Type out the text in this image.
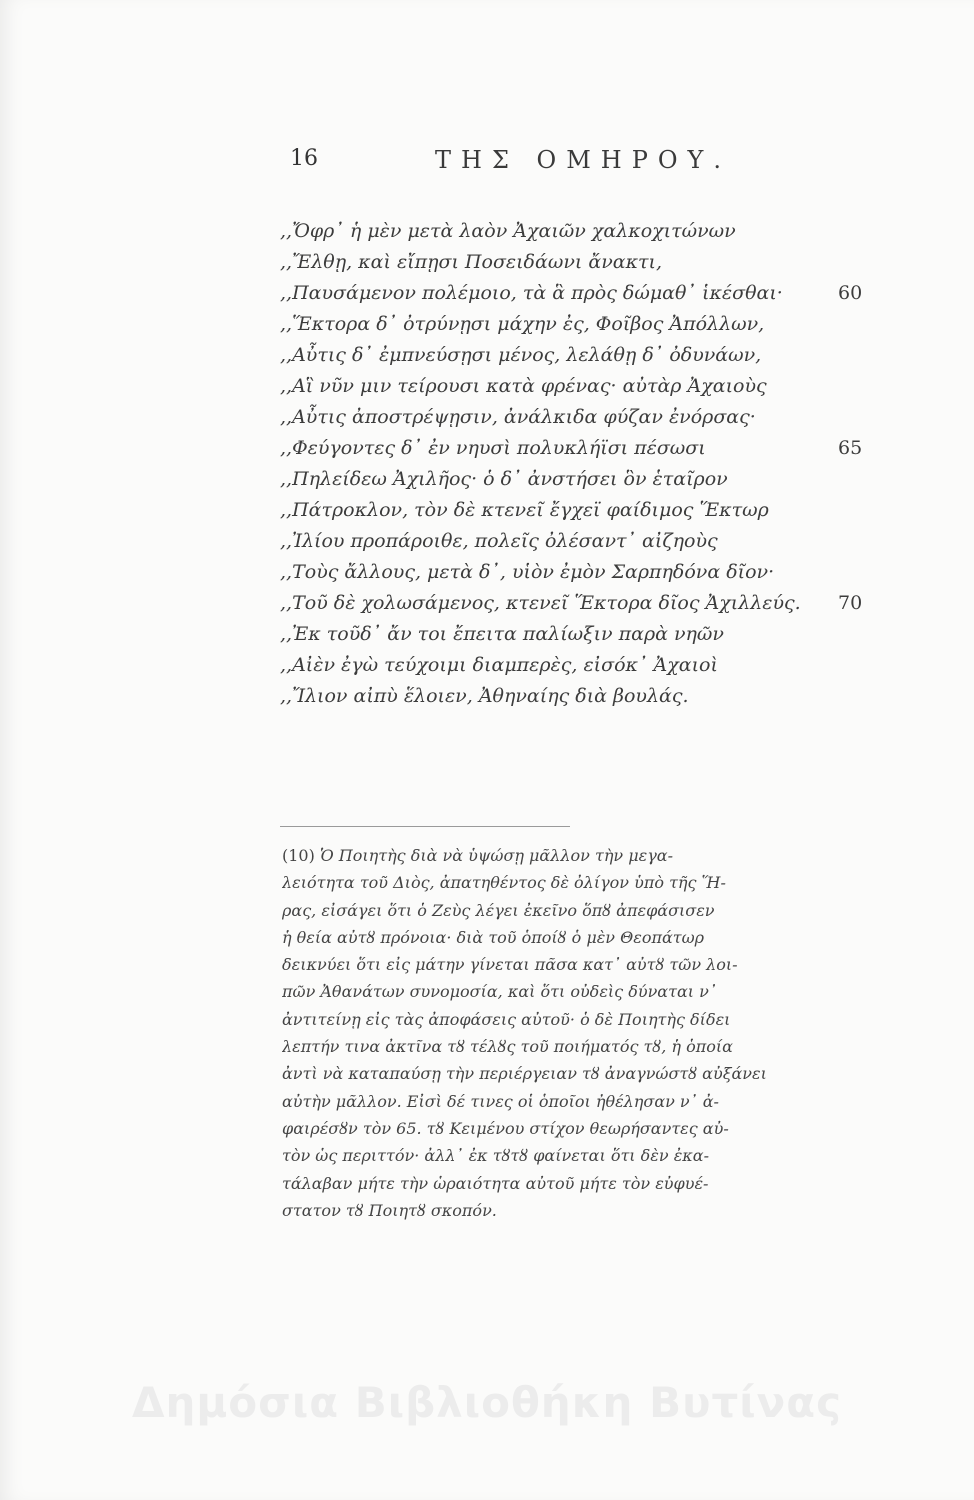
16	ΤΗΣ ΟΜΗΡΟΥ.
,,Ὄφρ᾽ ἡ μὲν μετὰ λαὸν Ἀχαιῶν χαλκοχιτώνων
,,Ἔλθῃ, καὶ εἴπῃσι Ποσειδάωνι ἄνακτι,
,,Παυσάμενον πολέμοιο, τὰ ἃ πρὸς δώμαθ᾽ ἱκέσθαι·
,,Ἕκτορα δ᾽ ὀτρύνῃσι μάχην ἐς, Φοῖβος Ἀπόλλων,
,,Αὖτις δ᾽ ἐμπνεύσῃσι μένος, λελάθῃ δ᾽ ὀδυνάων,
,,Αἳ νῦν μιν τείρουσι κατὰ φρένας· αὐτὰρ Ἀχαιοὺς
,,Αὖτις ἀποστρέψῃσιν, ἀνάλκιδα φύζαν ἐνόρσας·
,,Φεύγοντες δ᾽ ἐν νηυσὶ πολυκλήϊσι πέσωσι
,,Πηλείδεω Ἀχιλῆος· ὁ δ᾽ ἀνστήσει ὃν ἑταῖρον
,,Πάτροκλον, τὸν δὲ κτενεῖ ἔγχεϊ φαίδιμος Ἕκτωρ
,,Ἰλίου προπάροιθε, πολεῖς ὀλέσαντ᾽ αἰζηοὺς
,,Τοὺς ἄλλους, μετὰ δ᾽, υἱὸν ἐμὸν Σαρπηδόνα δῖον·
,,Τοῦ δὲ χολωσάμενος, κτενεῖ Ἕκτορα δῖος Ἀχιλλεύς.
,,Ἐκ τοῦδ᾽ ἄν τοι ἔπειτα παλίωξιν παρὰ νηῶν
,,Αἰὲν ἐγὼ τεύχοιμι διαμπερὲς, εἰσόκ᾽ Ἀχαιοὶ
,,Ἴλιον αἰπὺ ἕλοιεν, Ἀθηναίης διὰ βουλάς.
60
65
70
(10) Ὁ Ποιητὴς διὰ νὰ ὑψώσῃ μᾶλλον τὴν μεγα-
λειότητα τοῦ Διὸς, ἀπατηθέντος δὲ ὀλίγον ὑπὸ τῆς Ἥ-
ρας, εἰσάγει ὅτι ὁ Ζεὺς λέγει ἐκεῖνο ὅπȣ ἀπεφάσισεν
ἡ θεία αὐτȣ πρόνοια· διὰ τοῦ ὁποίȣ ὁ μὲν Θεοπάτωρ
δεικνύει ὅτι εἰς μάτην γίνεται πᾶσα κατ᾽ αὐτȣ τῶν λοι-
πῶν Ἀθανάτων συνομοσία, καὶ ὅτι οὐδεὶς δύναται ν᾽
ἀντιτείνῃ εἰς τὰς ἀποφάσεις αὐτοῦ· ὁ δὲ Ποιητὴς δίδει
λεπτήν τινα ἀκτῖνα τȣ τέλȣς τοῦ ποιήματός τȣ, ἡ ὁποία
ἀντὶ νὰ καταπαύσῃ τὴν περιέργειαν τȣ ἀναγνώστȣ αὐξάνει
αὐτὴν μᾶλλον. Εἰσὶ δέ τινες οἱ ὁποῖοι ἠθέλησαν ν᾽ ἀ-
φαιρέσȣν τὸν 65. τȣ Κειμένου στίχον θεωρήσαντες αὐ-
τὸν ὡς περιττόν· ἀλλ᾽ ἐκ τȣτȣ φαίνεται ὅτι δὲν ἐκα-
τάλαβαν μήτε τὴν ὡραιότητα αὐτοῦ μήτε τὸν εὐφυέ-
στατον τȣ Ποιητȣ σκοπόν.
Δημόσια Βιβλιοθήκη Βυτίνας
